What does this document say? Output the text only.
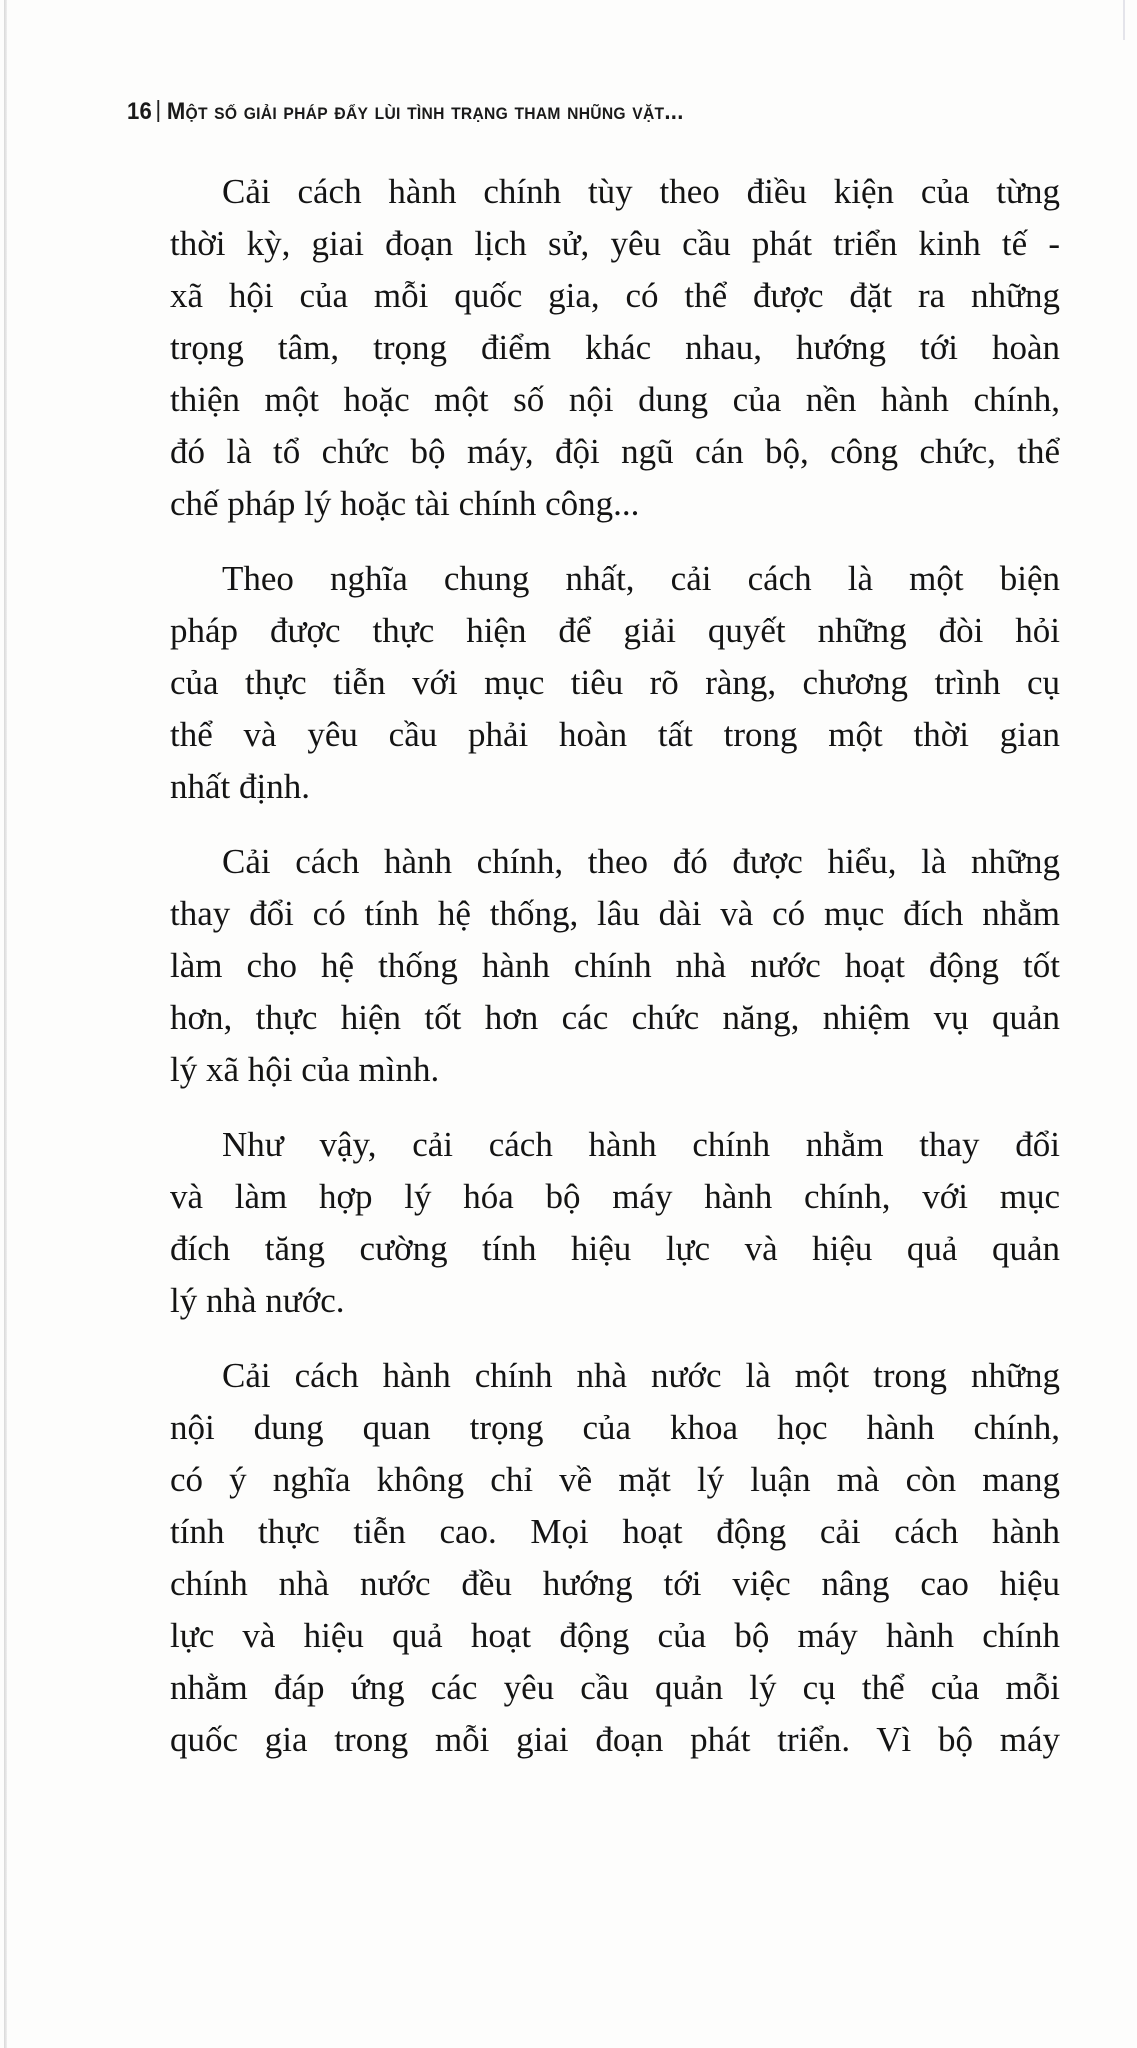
16 Một số giải pháp đẩy lùi tình trạng tham nhũng vặt...
Cải cách hành chính tùy theo điều kiện của từng
thời kỳ, giai đoạn lịch sử, yêu cầu phát triển kinh tế -
xã hội của mỗi quốc gia, có thể được đặt ra những
trọng tâm, trọng điểm khác nhau, hướng tới hoàn
thiện một hoặc một số nội dung của nền hành chính,
đó là tổ chức bộ máy, đội ngũ cán bộ, công chức, thể
chế pháp lý hoặc tài chính công...
Theo nghĩa chung nhất, cải cách là một biện
pháp được thực hiện để giải quyết những đòi hỏi
của thực tiễn với mục tiêu rõ ràng, chương trình cụ
thể và yêu cầu phải hoàn tất trong một thời gian
nhất định.
Cải cách hành chính, theo đó được hiểu, là những
thay đổi có tính hệ thống, lâu dài và có mục đích nhằm
làm cho hệ thống hành chính nhà nước hoạt động tốt
hơn, thực hiện tốt hơn các chức năng, nhiệm vụ quản
lý xã hội của mình.
Như vậy, cải cách hành chính nhằm thay đổi
và làm hợp lý hóa bộ máy hành chính, với mục
đích tăng cường tính hiệu lực và hiệu quả quản
lý nhà nước.
Cải cách hành chính nhà nước là một trong những
nội dung quan trọng của khoa học hành chính,
có ý nghĩa không chỉ về mặt lý luận mà còn mang
tính thực tiễn cao. Mọi hoạt động cải cách hành
chính nhà nước đều hướng tới việc nâng cao hiệu
lực và hiệu quả hoạt động của bộ máy hành chính
nhằm đáp ứng các yêu cầu quản lý cụ thể của mỗi
quốc gia trong mỗi giai đoạn phát triển. Vì bộ máy
